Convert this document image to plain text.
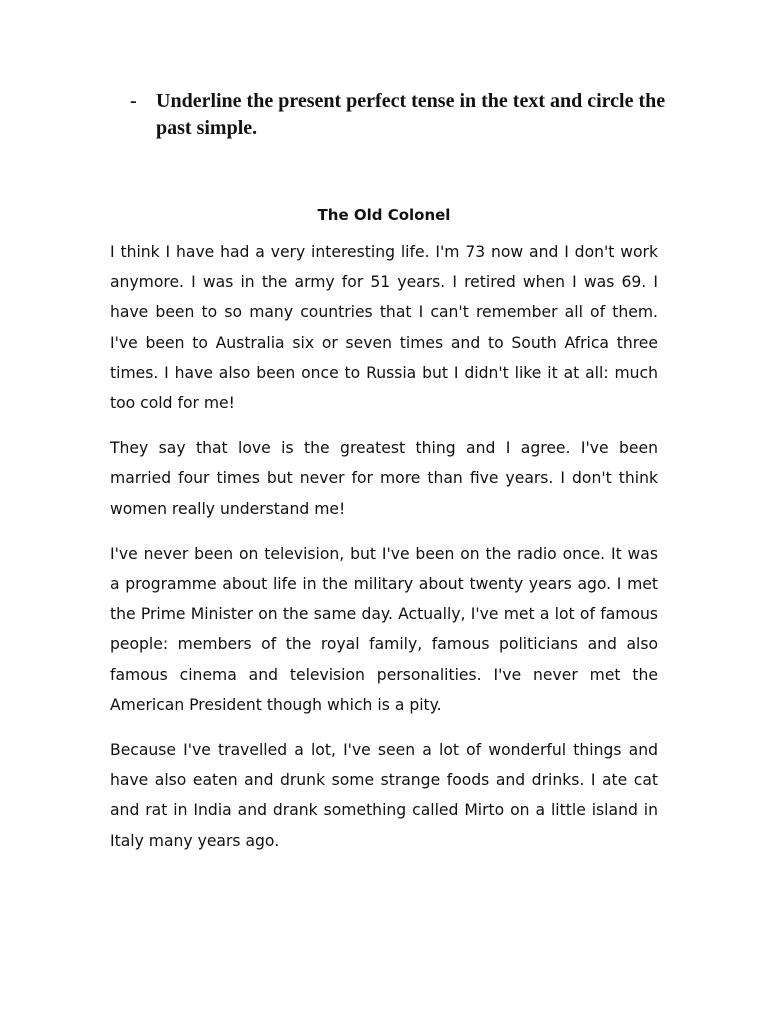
- Underline the present perfect tense in the text and circle the past simple.
The Old Colonel

I think I have had a very interesting life. I'm 73 now and I don't work anymore. I was in the army for 51 years. I retired when I was 69. I have been to so many countries that I can't remember all of them. I've been to Australia six or seven times and to South Africa three times. I have also been once to Russia but I didn't like it at all: much too cold for me!

They say that love is the greatest thing and I agree. I've been married four times but never for more than five years. I don't think women really understand me!

I've never been on television, but I've been on the radio once. It was a programme about life in the military about twenty years ago. I met the Prime Minister on the same day. Actually, I've met a lot of famous people: members of the royal family, famous politicians and also famous cinema and television personalities. I've never met the American President though which is a pity.

Because I've travelled a lot, I've seen a lot of wonderful things and have also eaten and drunk some strange foods and drinks. I ate cat and rat in India and drank something called Mirto on a little island in Italy many years ago.
